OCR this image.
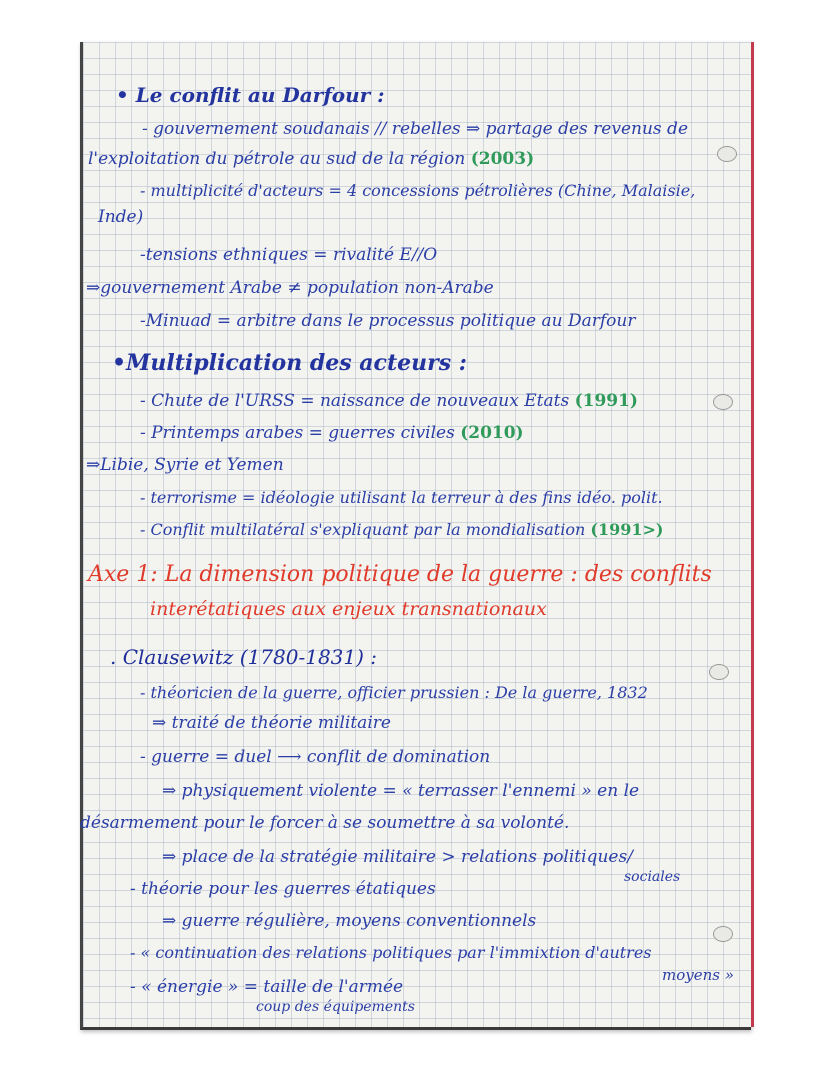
• Le conflit au Darfour :
- gouvernement soudanais // rebelles ⇒ partage des revenus de
l'exploitation du pétrole au sud de la région (2003)
- multiplicité d'acteurs = 4 concessions pétrolières (Chine, Malaisie,
Inde)
-tensions ethniques = rivalité E//O
⇒gouvernement Arabe ≠ population non-Arabe
-Minuad = arbitre dans le processus politique au Darfour
•Multiplication des acteurs :
- Chute de l'URSS = naissance de nouveaux Etats (1991)
- Printemps arabes = guerres civiles (2010)
⇒Libie, Syrie et Yemen
- terrorisme = idéologie utilisant la terreur à des fins idéo. polit.
- Conflit multilatéral s'expliquant par la mondialisation (1991>)
Axe 1: La dimension politique de la guerre : des conflits
interétatiques aux enjeux transnationaux
. Clausewitz (1780-1831) :
- théoricien de la guerre, officier prussien : De la guerre, 1832
⇒ traité de théorie militaire
- guerre = duel ⟶ conflit de domination
⇒ physiquement violente = « terrasser l'ennemi » en le
désarmement pour le forcer à se soumettre à sa volonté.
⇒ place de la stratégie militaire > relations politiques/
sociales
- théorie pour les guerres étatiques
⇒ guerre régulière, moyens conventionnels
- « continuation des relations politiques par l'immixtion d'autres
moyens »
- « énergie » = taille de l'armée
coup des équipements
